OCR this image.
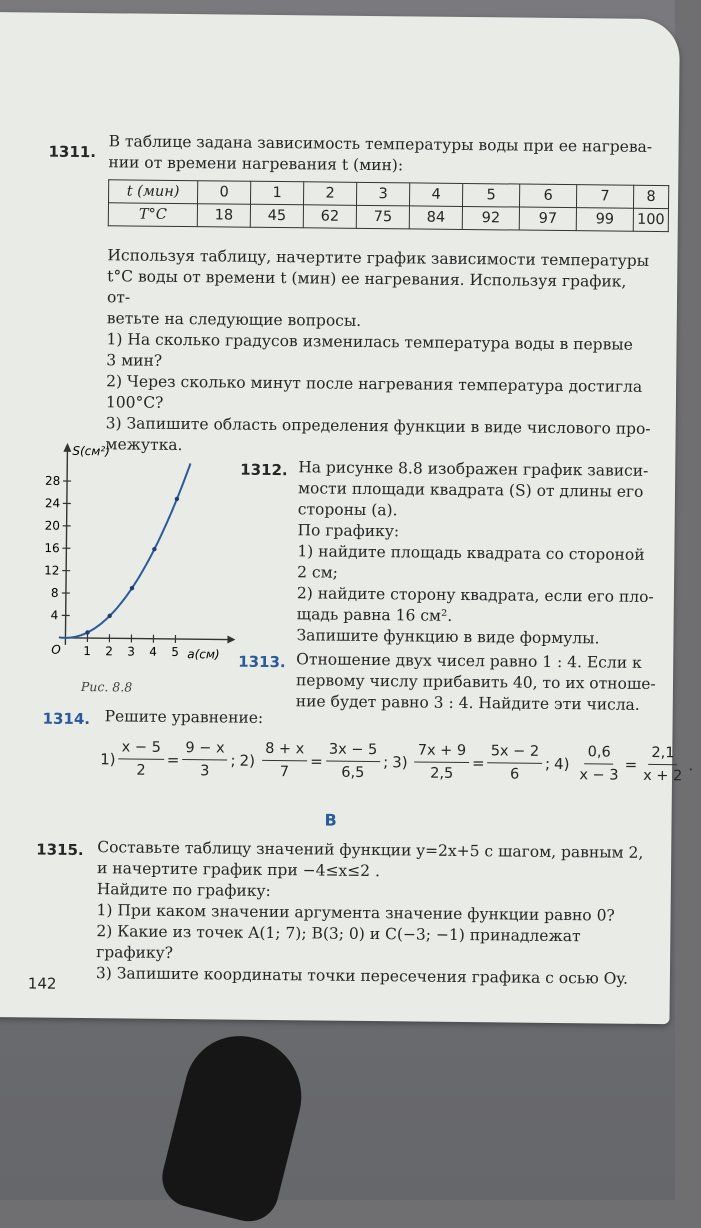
1311. В таблице задана зависимость температуры воды при ее нагрева-
нии от времени нагревания t (мин):
t (мин)	0	1	2	3	4	5	6	7	8
T°C	18	45	62	75	84	92	97	99	100
Используя таблицу, начертите график зависимости температуры
t°C воды от времени t (мин) ее нагревания. Используя график, от-
ветьте на следующие вопросы.
1) На сколько градусов изменилась температура воды в первые
3 мин?
2) Через сколько минут после нагревания температура достигла
100°С?
3) Запишите область определения функции в виде числового про-
межутка.
S(см²)
a(см)
O 1 2 3 4 5
4
8
12
16
20
24
28
Рис. 8.8
1312. На рисунке 8.8 изображен график зависи-
мости площади квадрата (S) от длины его
стороны (a).
По графику:
1) найдите площадь квадрата со стороной
2 см;
2) найдите сторону квадрата, если его пло-
щадь равна 16 см².
Запишите функцию в виде формулы.
1313. Отношение двух чисел равно 1 : 4. Если к
первому числу прибавить 40, то их отноше-
ние будет равно 3 : 4. Найдите эти числа.
1314. Решите уравнение:
$1) \frac{x - 5}{2} = \frac{9 - x}{3}$ ; $2) \frac{8 + x}{7} = \frac{3x - 5}{6,5}$ ; $3) \frac{7x + 9}{2,5} = \frac{5x - 2}{6}$ ; $4) \frac{0,6}{x - 3} = \frac{2,1}{x + 2}$ .
B
1315. Составьте таблицу значений функции y=2x+5 с шагом, равным 2,
и начертите график при −4≤x≤2 .
Найдите по графику:
1) При каком значении аргумента значение функции равно 0?
2) Какие из точек A(1; 7); B(3; 0) и C(−3; −1) принадлежат графику?
3) Запишите координаты точки пересечения графика с осью Oy.
142
